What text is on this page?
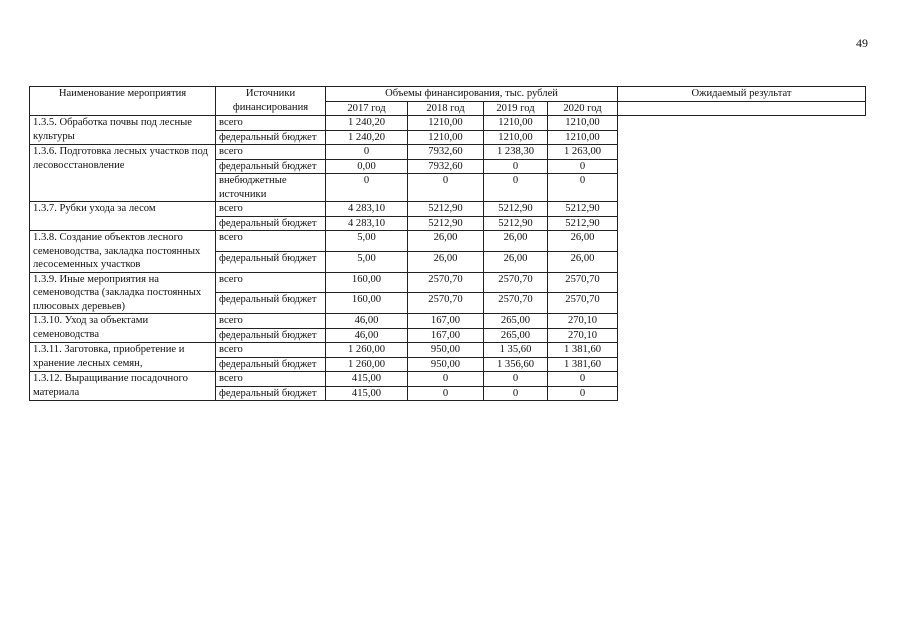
49
Наименование мероприятия	Источники финансирования	Объемы финансирования, тыс. рублей				Ожидаемый результат
		2017 год	2018 год	2019 год	2020 год	
1.3.5. Обработка почвы под лесные культуры	всего	1 240,20	1210,00	1210,00	1210,00	
	федеральный бюджет	1 240,20	1210,00	1210,00	1210,00	
1.3.6. Подготовка лесных участков под лесовосстановление	всего	0	7932,60	1 238,30	1 263,00	
	федеральный бюджет	0,00	7932,60	0	0	
	внебюджетные источники	0	0	0	0	
1.3.7. Рубки ухода за лесом	всего	4 283,10	5212,90	5212,90	5212,90	
	федеральный бюджет	4 283,10	5212,90	5212,90	5212,90	
1.3.8. Создание объектов лесного семеноводства, закладка постоянных лесосеменных участков	всего	5,00	26,00	26,00	26,00	
	федеральный бюджет	5,00	26,00	26,00	26,00	
1.3.9. Иные мероприятия на семеноводства (закладка постоянных плюсовых деревьев)	всего	160,00	2570,70	2570,70	2570,70	
	федеральный бюджет	160,00	2570,70	2570,70	2570,70	
1.3.10. Уход за объектами семеноводства	всего	46,00	167,00	265,00	270,10	
	федеральный бюджет	46,00	167,00	265,00	270,10	
1.3.11. Заготовка, приобретение и хранение лесных семян,	всего	1 260,00	950,00	1 35,60	1 381,60	
	федеральный бюджет	1 260,00	950,00	1 356,60	1 381,60	
1.3.12. Выращивание посадочного материала	всего	415,00	0	0	0	
	федеральный бюджет	415,00	0	0	0	
